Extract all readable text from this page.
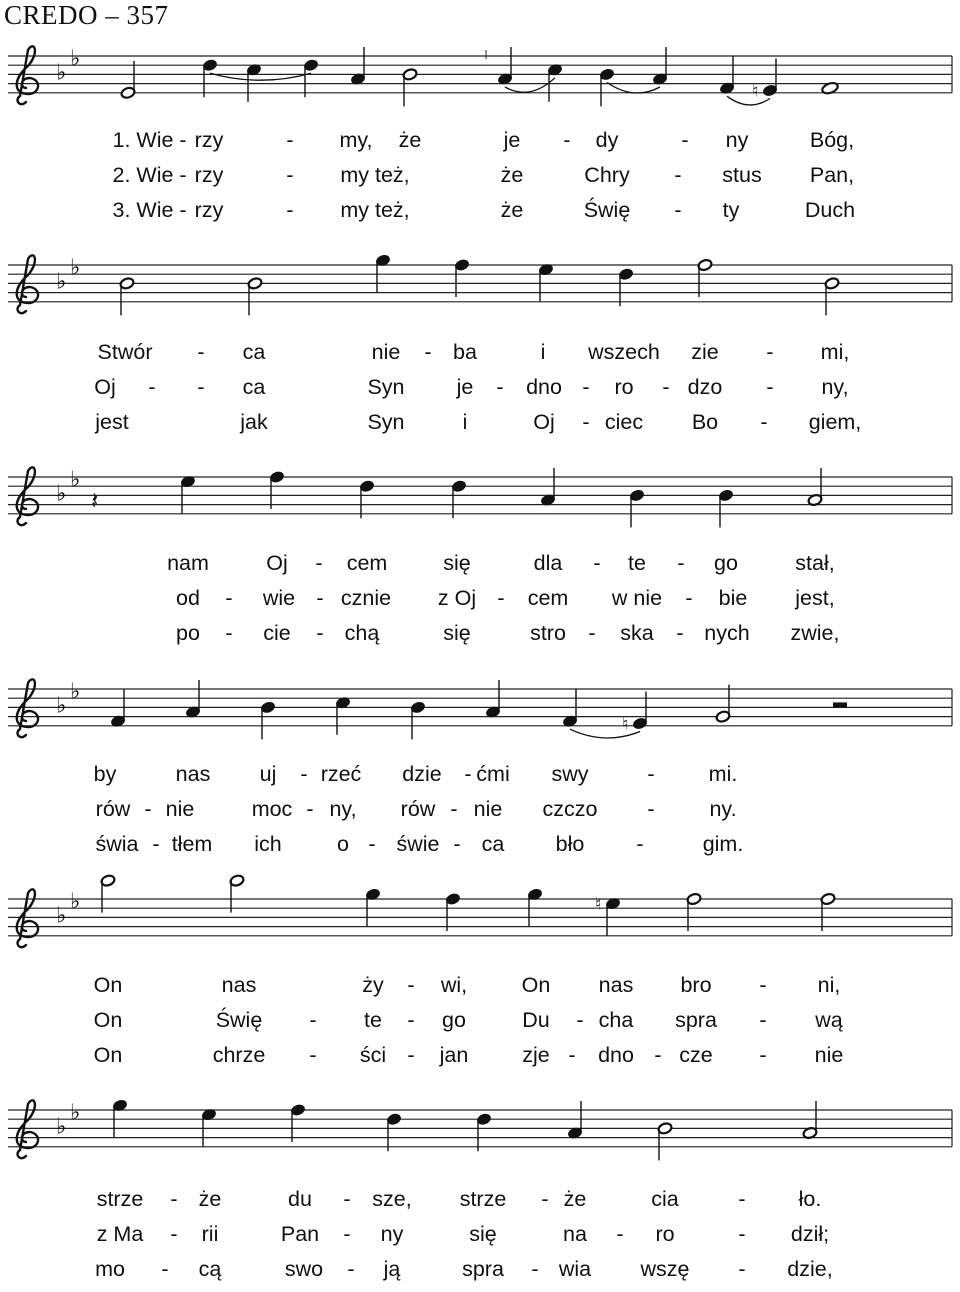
CREDO – 357
♭
♭
♮
1. Wie rzy	my, że	je	dy	ny	Bóg,
-	-	-	-
2. Wie rzy	my też,	że	Chry	stus Pan,
-	-	-
3. Wie rzy	my też,	że	Świę	ty	Duch
-	-	-
♭
♭
Stwór	ca	nie ba	i wszech zie	mi,
-	-	-
Oj	ca	Syn je dno ro	dzo	ny,
- -	-	-	-	-
jest	jak	Syn	i	Oj ciec Bo	giem,
-	-
♭
♭
𝄽
nam	Oj	cem	się	dla	te	go	stał,
-	-	-
od	wie cznie z Oj cem w nie	bie jest,
-	-	-	-
po	cie	chą	się	stro	ska nych zwie,
-	-	-	-
♭
♭
♮
by	nas uj rzeć dzie ćmi swy	mi.
-	-	-
rów nie	moc ny, rów nie czczo	ny.
-	-	-	-
świa tłem ich	o świe ca bło	gim.
-	-	-	-
♭
♭	♮
On	nas	ży	wi,	On nas bro	ni,
-	-
On	Świę	te	go	Du cha spra	wą
-	-	-	-
On	chrze	ści jan	zje dno cze	nie
-	-	-	-	-
♭
♭
strze	że	du	sze, strze	że	cia	ło.
-	-	-	-
z Ma	rii	Pan	ny	się	na	ro	dził;
-	-	-	-
mo	cą	swo	ją	spra	wia wszę	dzie,
-	-	-	-
